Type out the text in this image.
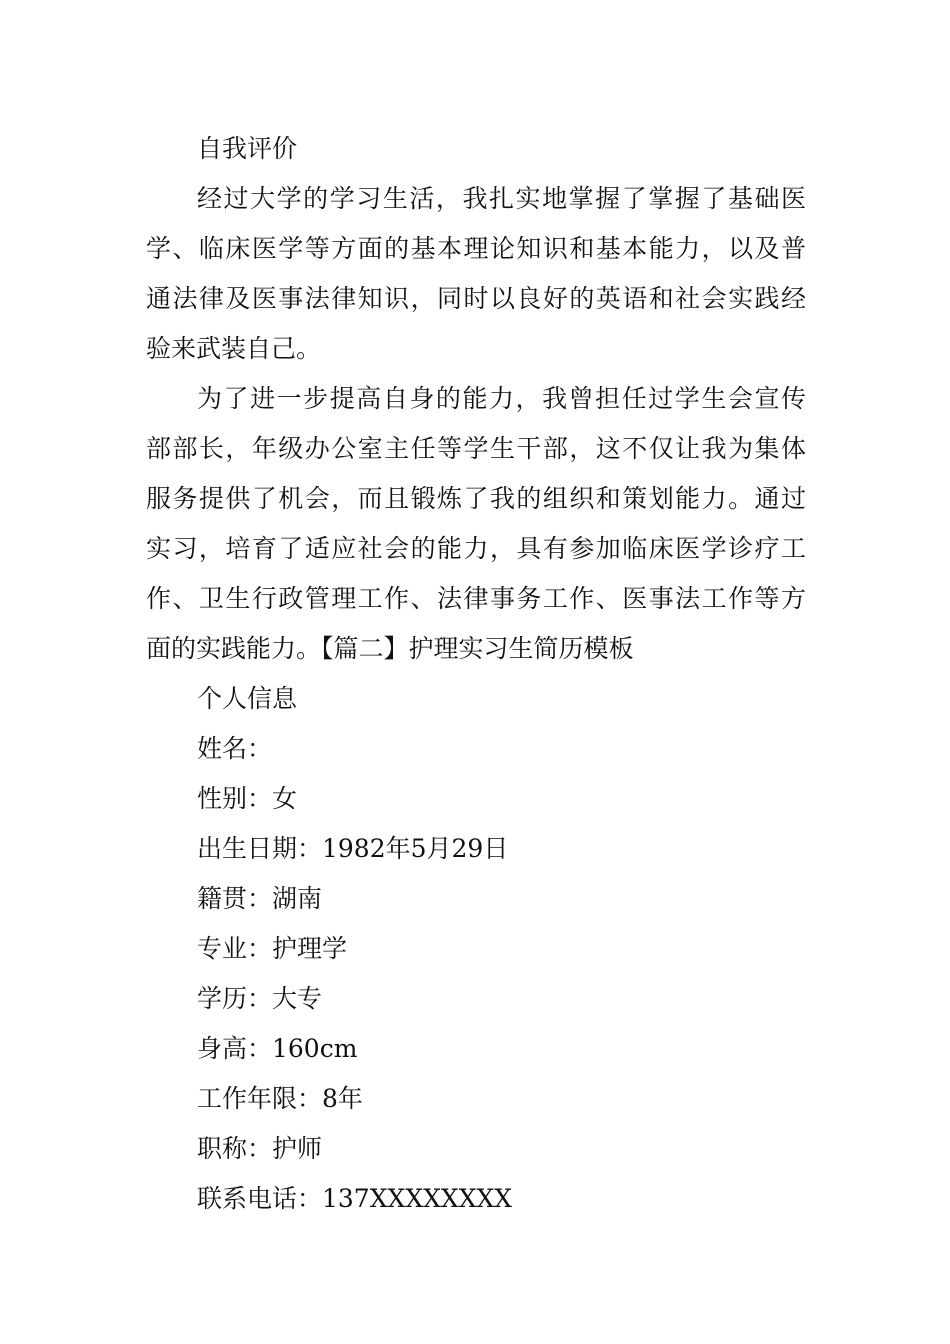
自我评价
经过大学的学习生活，我扎实地掌握了掌握了基础医
学、临床医学等方面的基本理论知识和基本能力，以及普
通法律及医事法律知识，同时以良好的英语和社会实践经
验来武装自己。
为了进一步提高自身的能力，我曾担任过学生会宣传
部部长，年级办公室主任等学生干部，这不仅让我为集体
服务提供了机会，而且锻炼了我的组织和策划能力。通过
实习，培育了适应社会的能力，具有参加临床医学诊疗工
作、卫生行政管理工作、法律事务工作、医事法工作等方
面的实践能力。【篇二】护理实习生简历模板
个人信息
姓名：
性别：女
出生日期：1982年5月29日
籍贯：湖南
专业：护理学
学历：大专
身高：160cm
工作年限：8年
职称：护师
联系电话：137XXXXXXXX
